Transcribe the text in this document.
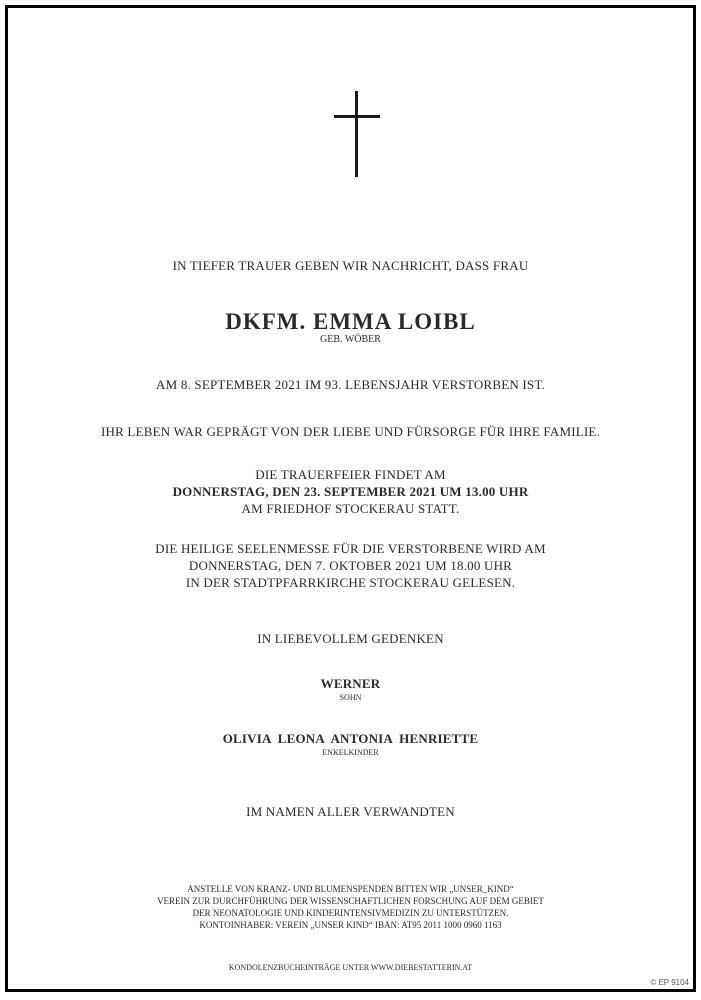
IN TIEFER TRAUER GEBEN WIR NACHRICHT, DASS FRAU
DKFM. EMMA LOIBL
GEB. WÖBER
AM 8. SEPTEMBER 2021 IM 93. LEBENSJAHR VERSTORBEN IST.
IHR LEBEN WAR GEPRÄGT VON DER LIEBE UND FÜRSORGE FÜR IHRE FAMILIE.
DIE TRAUERFEIER FINDET AM
DONNERSTAG, DEN 23. SEPTEMBER 2021 UM 13.00 UHR
AM FRIEDHOF STOCKERAU STATT.
DIE HEILIGE SEELENMESSE FÜR DIE VERSTORBENE WIRD AM
DONNERSTAG, DEN 7. OKTOBER 2021 UM 18.00 UHR
IN DER STADTPFARRKIRCHE STOCKERAU GELESEN.
IN LIEBEVOLLEM GEDENKEN
WERNER
SOHN
OLIVIA  LEONA  ANTONIA  HENRIETTE
ENKELKINDER
IM NAMEN ALLER VERWANDTEN
ANSTELLE VON KRANZ- UND BLUMENSPENDEN BITTEN WIR „UNSER_KIND“
VEREIN ZUR DURCHFÜHRUNG DER WISSENSCHAFTLICHEN FORSCHUNG AUF DEM GEBIET
DER NEONATOLOGIE UND KINDERINTENSIVMEDIZIN ZU UNTERSTÜTZEN.
KONTOINHABER: VEREIN „UNSER KIND“ IBAN: AT95 2011 1000 0960 1163
KONDOLENZBUCHEINTRÄGE UNTER WWW.DIEBESTATTERIN.AT
© EP 9104
